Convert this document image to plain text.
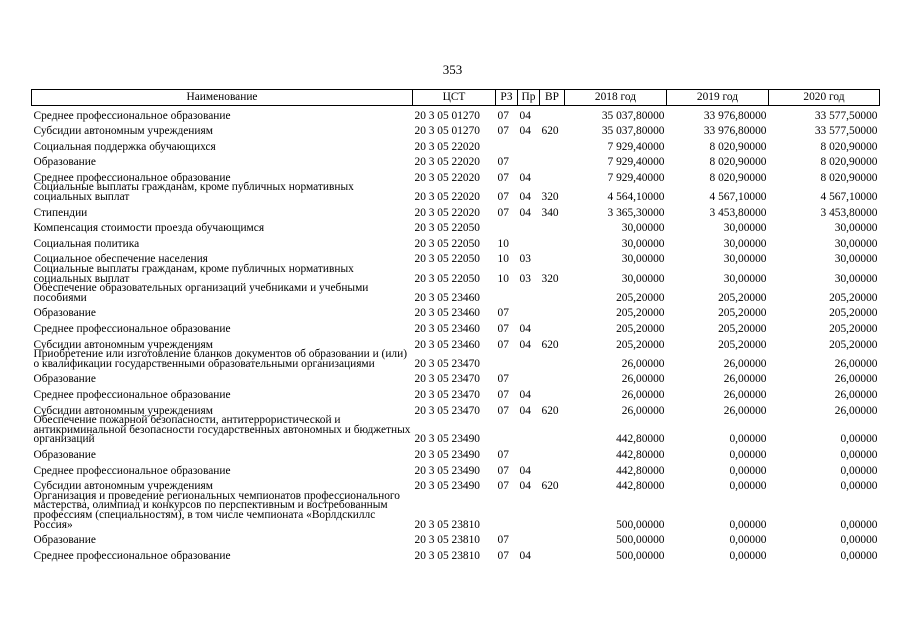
353
Наименование	ЦСТ	РЗ	Пр	ВР	2018 год	2019 год	2020 год
Среднее профессиональное образование	20 3 05 01270	07	04		35 037,80000	33 976,80000	33 577,50000
Субсидии автономным учреждениям	20 3 05 01270	07	04	620	35 037,80000	33 976,80000	33 577,50000
Социальная поддержка обучающихся	20 3 05 22020				7 929,40000	8 020,90000	8 020,90000
Образование	20 3 05 22020	07			7 929,40000	8 020,90000	8 020,90000
Среднее профессиональное образование	20 3 05 22020	07	04		7 929,40000	8 020,90000	8 020,90000
Социальные выплаты гражданам, кроме публичных нормативных социальных выплат	20 3 05 22020	07	04	320	4 564,10000	4 567,10000	4 567,10000
Стипендии	20 3 05 22020	07	04	340	3 365,30000	3 453,80000	3 453,80000
Компенсация стоимости проезда обучающимся	20 3 05 22050				30,00000	30,00000	30,00000
Социальная политика	20 3 05 22050	10			30,00000	30,00000	30,00000
Социальное обеспечение населения	20 3 05 22050	10	03		30,00000	30,00000	30,00000
Социальные выплаты гражданам, кроме публичных нормативных социальных выплат	20 3 05 22050	10	03	320	30,00000	30,00000	30,00000
Обеспечение образовательных организаций учебниками и учебными пособиями	20 3 05 23460				205,20000	205,20000	205,20000
Образование	20 3 05 23460	07			205,20000	205,20000	205,20000
Среднее профессиональное образование	20 3 05 23460	07	04		205,20000	205,20000	205,20000
Субсидии автономным учреждениям	20 3 05 23460	07	04	620	205,20000	205,20000	205,20000
Приобретение или изготовление бланков документов об образовании и (или) о квалификации государственными образовательными организациями	20 3 05 23470				26,00000	26,00000	26,00000
Образование	20 3 05 23470	07			26,00000	26,00000	26,00000
Среднее профессиональное образование	20 3 05 23470	07	04		26,00000	26,00000	26,00000
Субсидии автономным учреждениям	20 3 05 23470	07	04	620	26,00000	26,00000	26,00000
Обеспечение пожарной безопасности, антитеррористической и антикриминальной безопасности государственных автономных и бюджетных организаций	20 3 05 23490				442,80000	0,00000	0,00000
Образование	20 3 05 23490	07			442,80000	0,00000	0,00000
Среднее профессиональное образование	20 3 05 23490	07	04		442,80000	0,00000	0,00000
Субсидии автономным учреждениям	20 3 05 23490	07	04	620	442,80000	0,00000	0,00000
Организация и проведение региональных чемпионатов профессионального мастерства, олимпиад и конкурсов по перспективным и востребованным профессиям (специальностям), в том числе чемпионата «Ворлдскиллс Россия»	20 3 05 23810				500,00000	0,00000	0,00000
Образование	20 3 05 23810	07			500,00000	0,00000	0,00000
Среднее профессиональное образование	20 3 05 23810	07	04		500,00000	0,00000	0,00000
